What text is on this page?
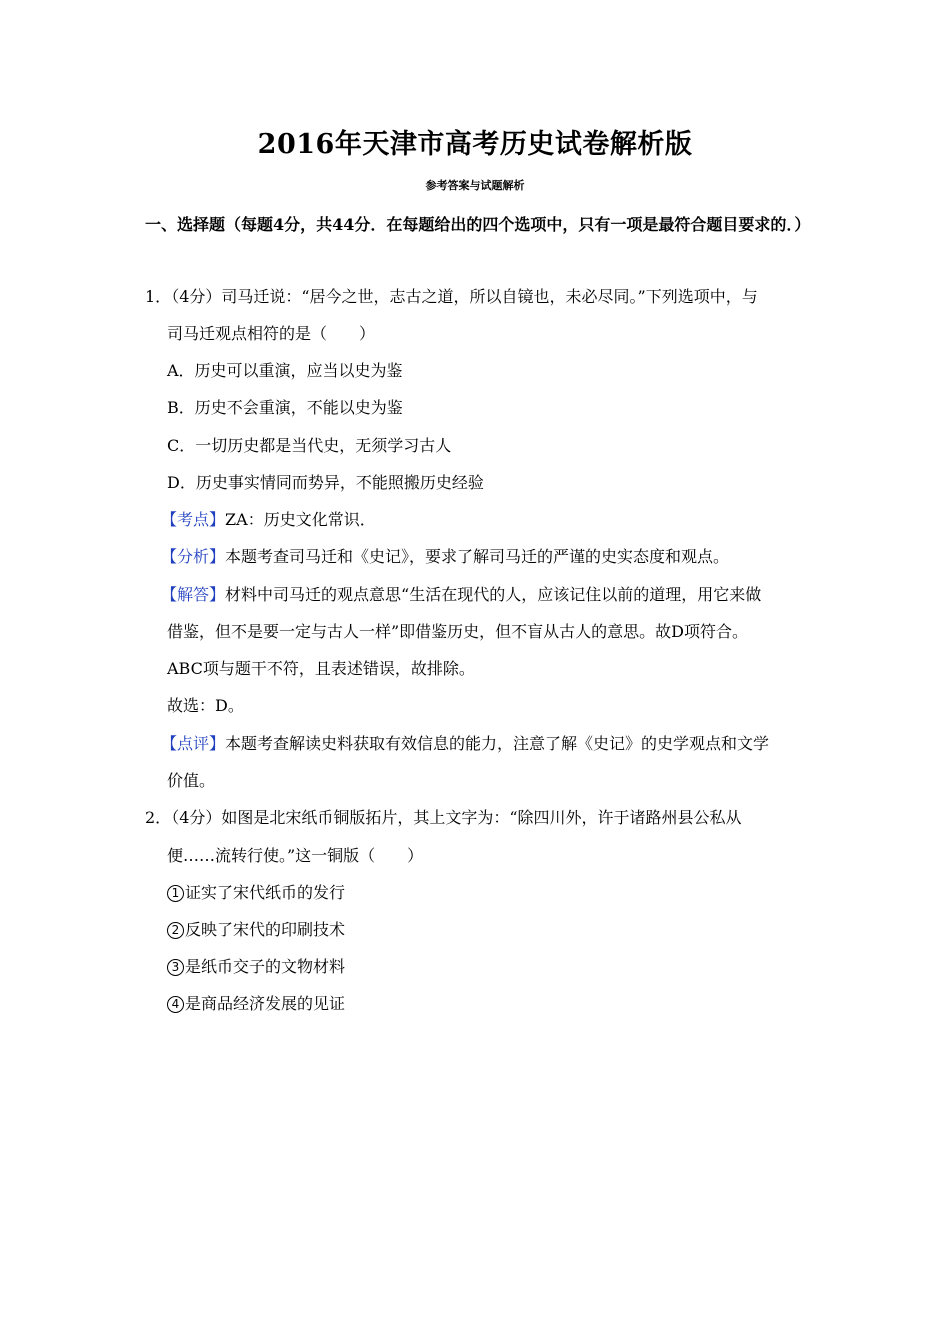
2016年天津市高考历史试卷解析版
参考答案与试题解析
一、选择题（每题4分，共44分．在每题给出的四个选项中，只有一项是最符合题目要求的．）
1．（4分）司马迁说：“居今之世，志古之道，所以自镜也，未必尽同。”下列选项中，与
司马迁观点相符的是（　　）
A．历史可以重演，应当以史为鉴
B．历史不会重演，不能以史为鉴
C．一切历史都是当代史，无须学习古人
D．历史事实情同而势异，不能照搬历史经验
【考点】ZA：历史文化常识．
【分析】本题考查司马迁和《史记》，要求了解司马迁的严谨的史实态度和观点。
【解答】材料中司马迁的观点意思“生活在现代的人，应该记住以前的道理，用它来做
借鉴，但不是要一定与古人一样”即借鉴历史，但不盲从古人的意思。故D项符合。
ABC项与题干不符，且表述错误，故排除。
故选：D。
【点评】本题考查解读史料获取有效信息的能力，注意了解《史记》的史学观点和文学
价值。
2．（4分）如图是北宋纸币铜版拓片，其上文字为：“除四川外，许于诸路州县公私从
便……流转行使。”这一铜版（　　）
1 证实了宋代纸币的发行
2 反映了宋代的印刷技术
3 是纸币交子的文物材料
4 是商品经济发展的见证
